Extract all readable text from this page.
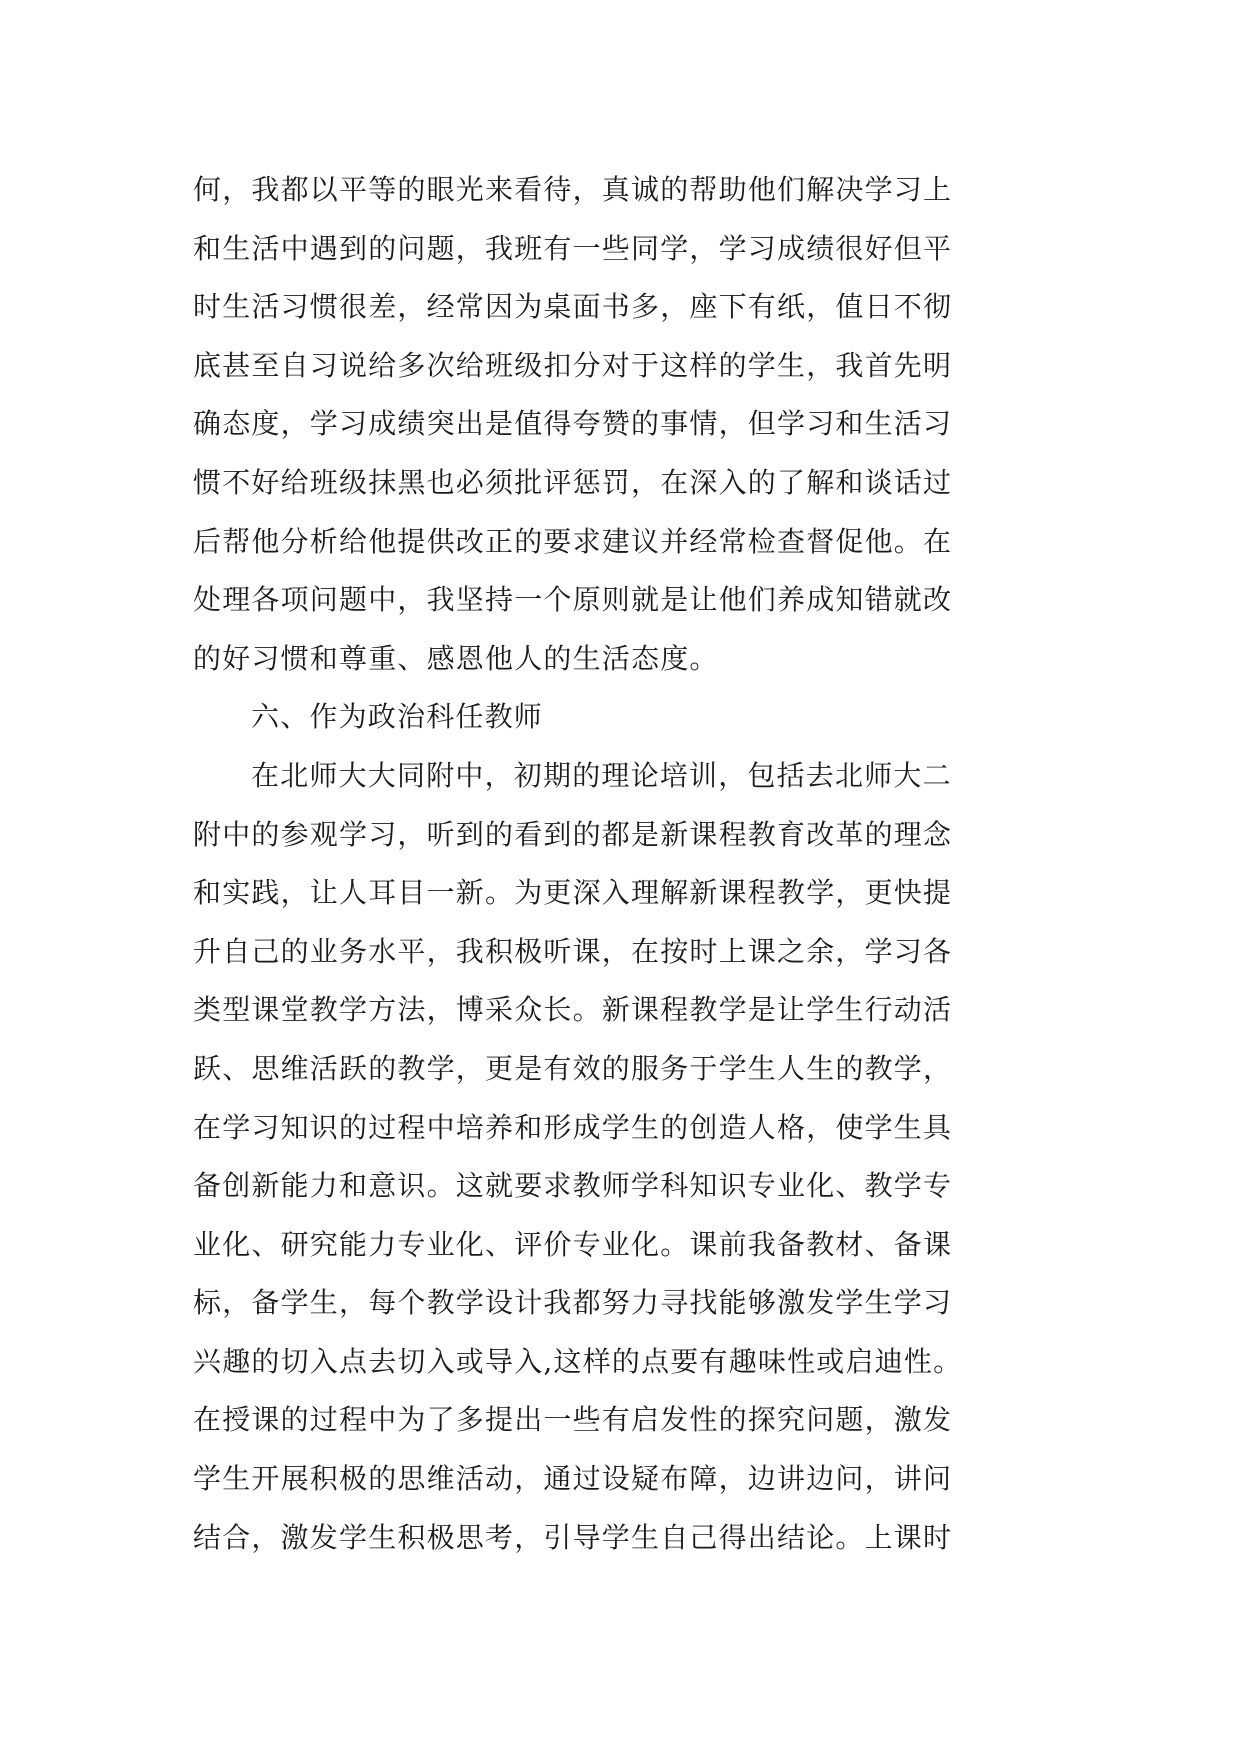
何，我都以平等的眼光来看待，真诚的帮助他们解决学习上
和生活中遇到的问题，我班有一些同学，学习成绩很好但平
时生活习惯很差，经常因为桌面书多，座下有纸，值日不彻
底甚至自习说给多次给班级扣分对于这样的学生，我首先明
确态度，学习成绩突出是值得夸赞的事情，但学习和生活习
惯不好给班级抹黑也必须批评惩罚，在深入的了解和谈话过
后帮他分析给他提供改正的要求建议并经常检查督促他。在
处理各项问题中，我坚持一个原则就是让他们养成知错就改
的好习惯和尊重、感恩他人的生活态度。
六、作为政治科任教师
在北师大大同附中，初期的理论培训，包括去北师大二
附中的参观学习，听到的看到的都是新课程教育改革的理念
和实践，让人耳目一新。为更深入理解新课程教学，更快提
升自己的业务水平，我积极听课，在按时上课之余，学习各
类型课堂教学方法，博采众长。新课程教学是让学生行动活
跃、思维活跃的教学，更是有效的服务于学生人生的教学，
在学习知识的过程中培养和形成学生的创造人格，使学生具
备创新能力和意识。这就要求教师学科知识专业化、教学专
业化、研究能力专业化、评价专业化。课前我备教材、备课
标，备学生，每个教学设计我都努力寻找能够激发学生学习
兴趣的切入点去切入或导入,这样的点要有趣味性或启迪性。
在授课的过程中为了多提出一些有启发性的探究问题，激发
学生开展积极的思维活动，通过设疑布障，边讲边问，讲问
结合，激发学生积极思考，引导学生自己得出结论。上课时
